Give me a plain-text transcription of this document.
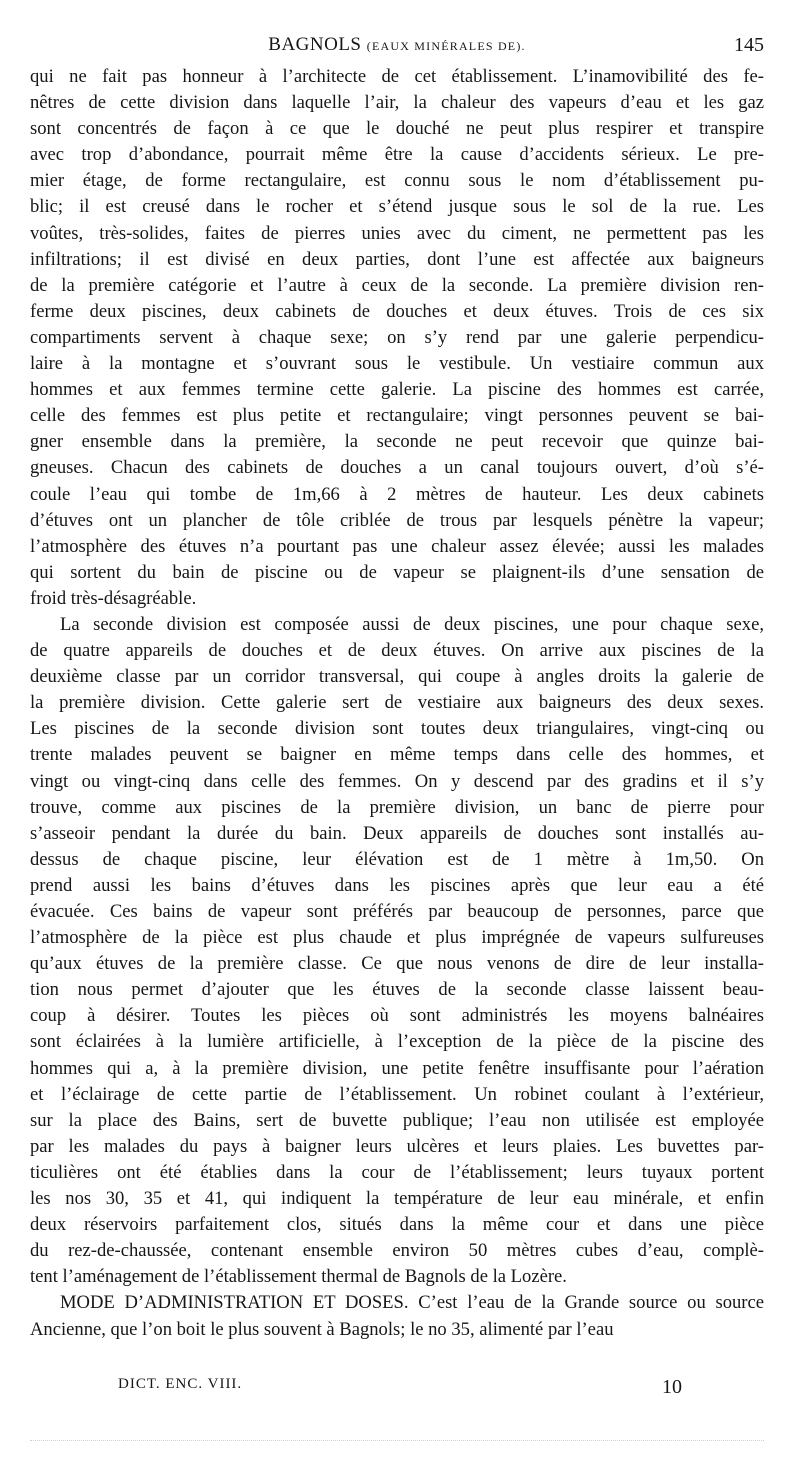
BAGNOLS (EAUX MINÉRALES DE).	145
qui ne fait pas honneur à l’architecte de cet établissement. L’inamovibilité des fe-
nêtres de cette division dans laquelle l’air, la chaleur des vapeurs d’eau et les gaz
sont concentrés de façon à ce que le douché ne peut plus respirer et transpire
avec trop d’abondance, pourrait même être la cause d’accidents sérieux. Le pre-
mier étage, de forme rectangulaire, est connu sous le nom d’établissement pu-
blic; il est creusé dans le rocher et s’étend jusque sous le sol de la rue. Les
voûtes, très-solides, faites de pierres unies avec du ciment, ne permettent pas les
infiltrations; il est divisé en deux parties, dont l’une est affectée aux baigneurs
de la première catégorie et l’autre à ceux de la seconde. La première division ren-
ferme deux piscines, deux cabinets de douches et deux étuves. Trois de ces six
compartiments servent à chaque sexe; on s’y rend par une galerie perpendicu-
laire à la montagne et s’ouvrant sous le vestibule. Un vestiaire commun aux
hommes et aux femmes termine cette galerie. La piscine des hommes est carrée,
celle des femmes est plus petite et rectangulaire; vingt personnes peuvent se bai-
gner ensemble dans la première, la seconde ne peut recevoir que quinze bai-
gneuses. Chacun des cabinets de douches a un canal toujours ouvert, d’où s’é-
coule l’eau qui tombe de 1m,66 à 2 mètres de hauteur. Les deux cabinets
d’étuves ont un plancher de tôle criblée de trous par lesquels pénètre la vapeur;
l’atmosphère des étuves n’a pourtant pas une chaleur assez élevée; aussi les malades
qui sortent du bain de piscine ou de vapeur se plaignent-ils d’une sensation de
froid très-désagréable.
La seconde division est composée aussi de deux piscines, une pour chaque sexe,
de quatre appareils de douches et de deux étuves. On arrive aux piscines de la
deuxième classe par un corridor transversal, qui coupe à angles droits la galerie de
la première division. Cette galerie sert de vestiaire aux baigneurs des deux sexes.
Les piscines de la seconde division sont toutes deux triangulaires, vingt-cinq ou
trente malades peuvent se baigner en même temps dans celle des hommes, et
vingt ou vingt-cinq dans celle des femmes. On y descend par des gradins et il s’y
trouve, comme aux piscines de la première division, un banc de pierre pour
s’asseoir pendant la durée du bain. Deux appareils de douches sont installés au-
dessus de chaque piscine, leur élévation est de 1 mètre à 1m,50. On
prend aussi les bains d’étuves dans les piscines après que leur eau a été
évacuée. Ces bains de vapeur sont préférés par beaucoup de personnes, parce que
l’atmosphère de la pièce est plus chaude et plus imprégnée de vapeurs sulfureuses
qu’aux étuves de la première classe. Ce que nous venons de dire de leur installa-
tion nous permet d’ajouter que les étuves de la seconde classe laissent beau-
coup à désirer. Toutes les pièces où sont administrés les moyens balnéaires
sont éclairées à la lumière artificielle, à l’exception de la pièce de la piscine des
hommes qui a, à la première division, une petite fenêtre insuffisante pour l’aération
et l’éclairage de cette partie de l’établissement. Un robinet coulant à l’extérieur,
sur la place des Bains, sert de buvette publique; l’eau non utilisée est employée
par les malades du pays à baigner leurs ulcères et leurs plaies. Les buvettes par-
ticulières ont été établies dans la cour de l’établissement; leurs tuyaux portent
les nos 30, 35 et 41, qui indiquent la température de leur eau minérale, et enfin
deux réservoirs parfaitement clos, situés dans la même cour et dans une pièce
du rez-de-chaussée, contenant ensemble environ 50 mètres cubes d’eau, complè-
tent l’aménagement de l’établissement thermal de Bagnols de la Lozère.
MODE D’ADMINISTRATION ET DOSES. C’est l’eau de la Grande source ou source
Ancienne, que l’on boit le plus souvent à Bagnols; le no 35, alimenté par l’eau
DICT. ENC. VIII.	10
